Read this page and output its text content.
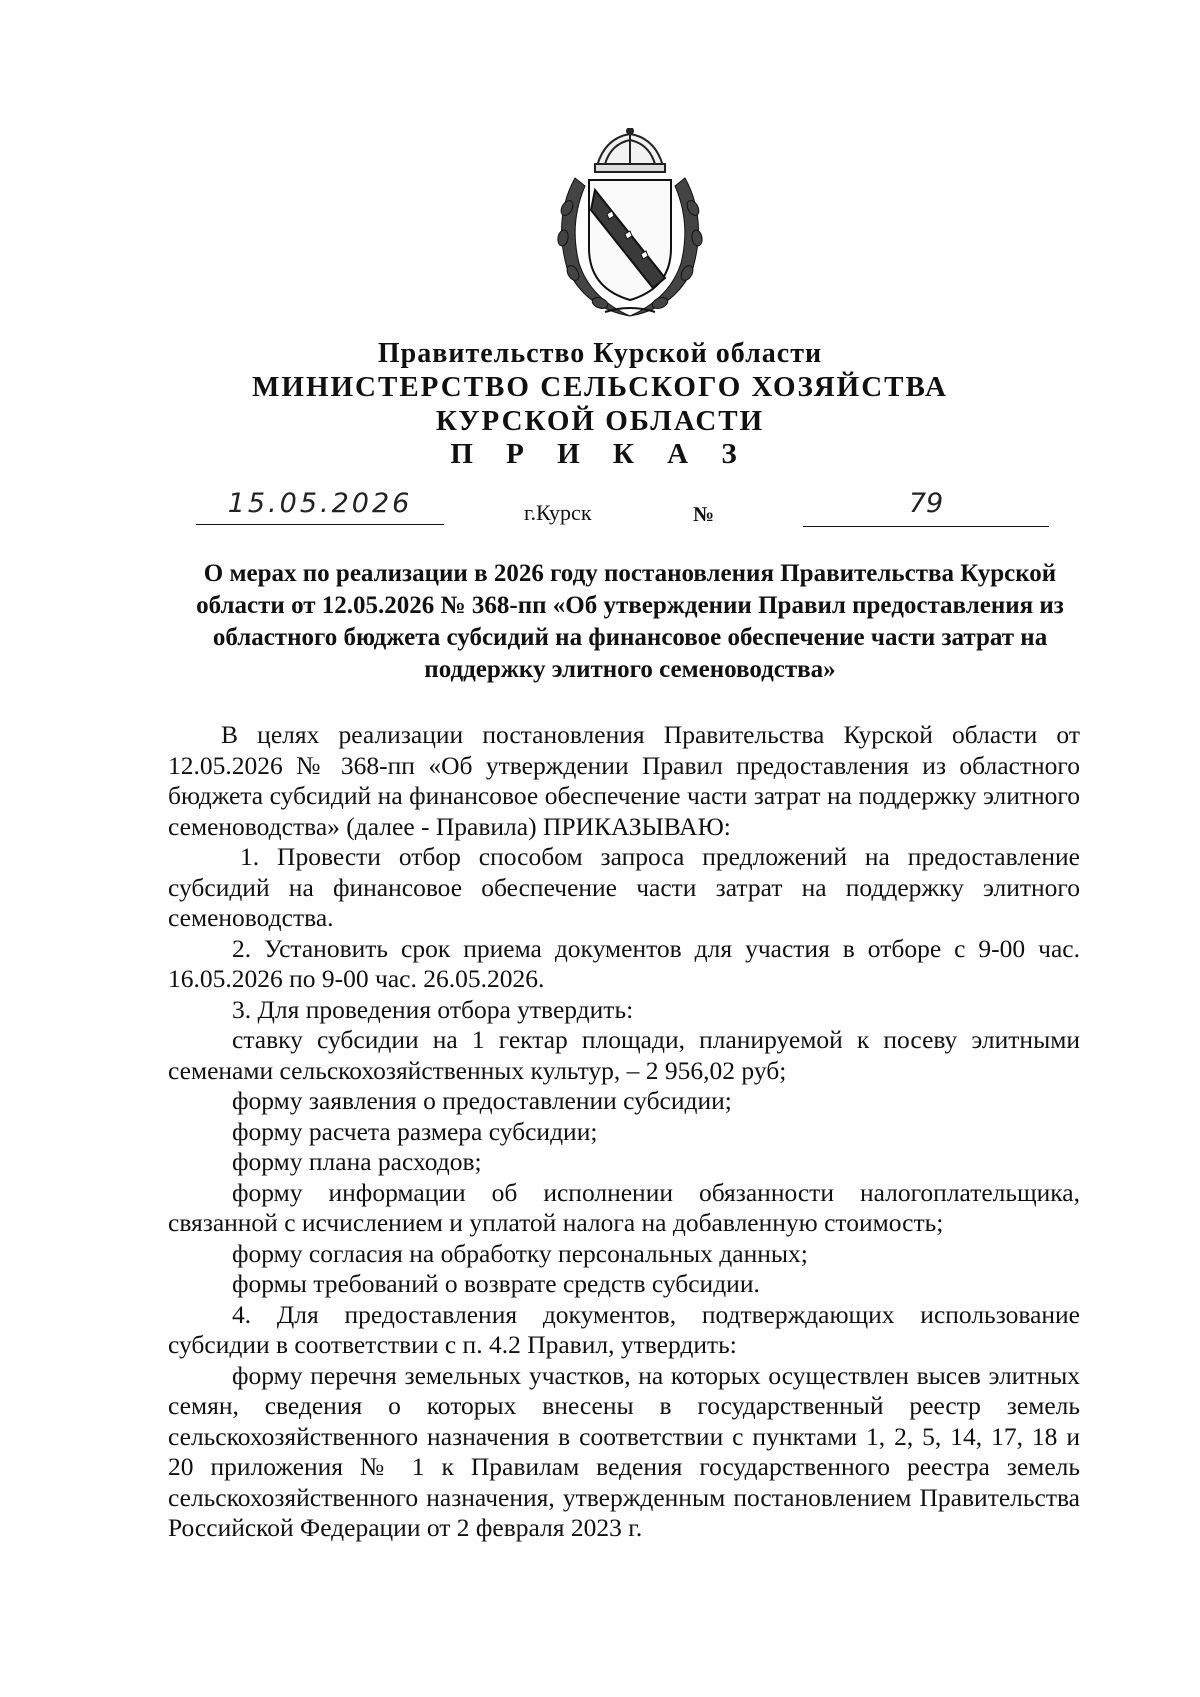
Правительство Курской области
МИНИСТЕРСТВО СЕЛЬСКОГО ХОЗЯЙСТВА
КУРСКОЙ ОБЛАСТИ
П Р И К А З
15.05.2026	г.Курск	№	79
О мерах по реализации в 2026 году постановления Правительства Курской области от 12.05.2026 № 368-пп «Об утверждении Правил предоставления из областного бюджета субсидий на финансовое обеспечение части затрат на поддержку элитного семеноводства»

В целях реализации постановления Правительства Курской области от 12.05.2026 № 368-пп «Об утверждении Правил предоставления из областного бюджета субсидий на финансовое обеспечение части затрат на поддержку элитного семеноводства» (далее - Правила) ПРИКАЗЫВАЮ:

1. Провести отбор способом запроса предложений на предоставление субсидий на финансовое обеспечение части затрат на поддержку элитного семеноводства.

2. Установить срок приема документов для участия в отборе с 9-00 час. 16.05.2026 по 9-00 час. 26.05.2026.

3. Для проведения отбора утвердить:

ставку субсидии на 1 гектар площади, планируемой к посеву элитными семенами сельскохозяйственных культур, – 2 956,02 руб;

форму заявления о предоставлении субсидии;

форму расчета размера субсидии;

форму плана расходов;

форму информации об исполнении обязанности налогоплательщика, связанной с исчислением и уплатой налога на добавленную стоимость;

форму согласия на обработку персональных данных;

формы требований о возврате средств субсидии.

4. Для предоставления документов, подтверждающих использование субсидии в соответствии с п. 4.2 Правил, утвердить:

форму перечня земельных участков, на которых осуществлен высев элитных семян, сведения о которых внесены в государственный реестр земель сельскохозяйственного назначения в соответствии с пунктами 1, 2, 5, 14, 17, 18 и 20 приложения № 1 к Правилам ведения государственного реестра земель сельскохозяйственного назначения, утвержденным постановлением Правительства Российской Федерации от 2 февраля 2023 г.
